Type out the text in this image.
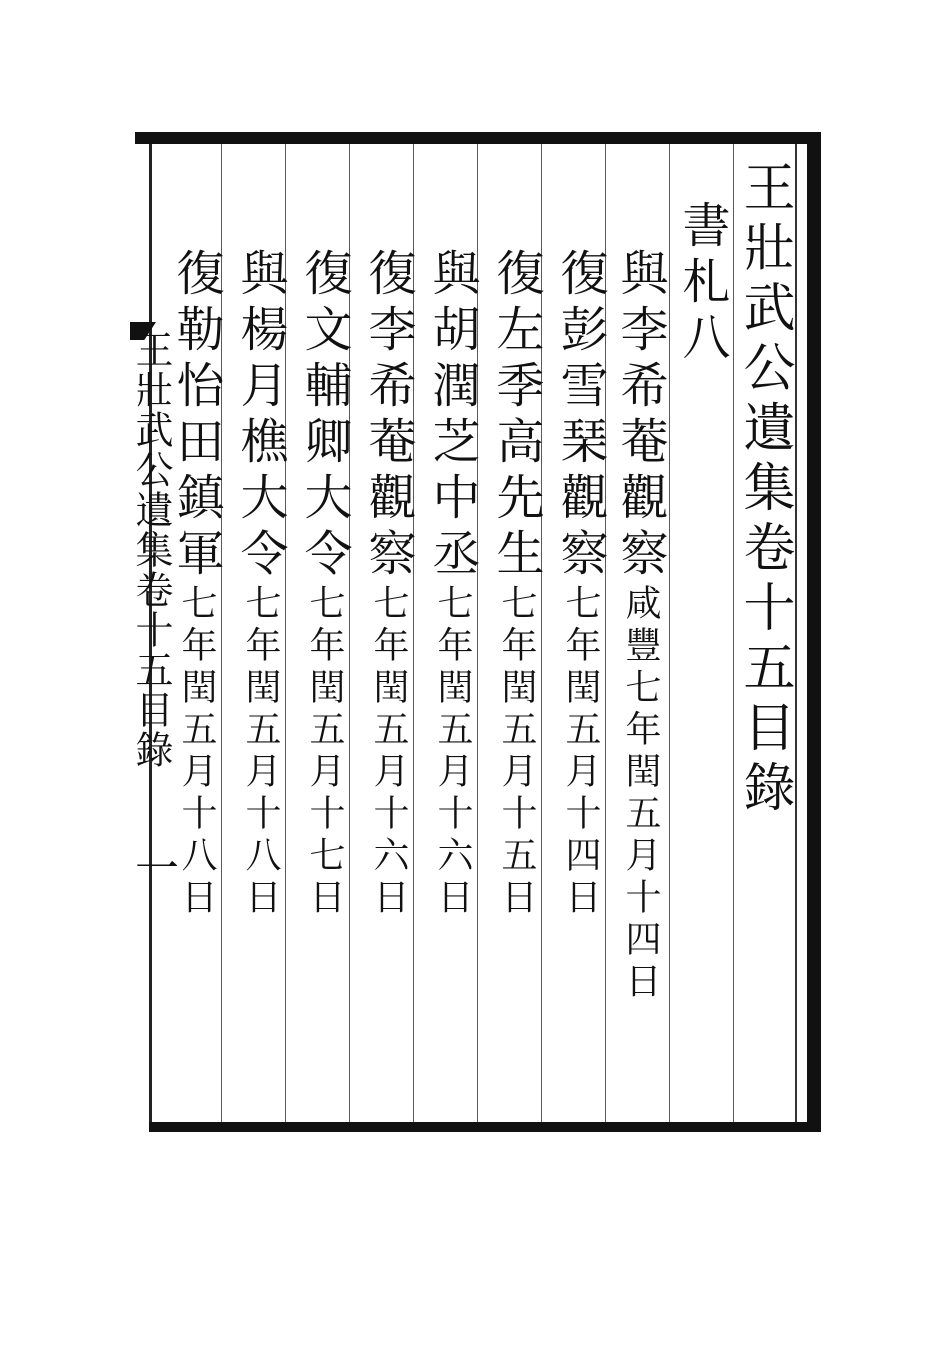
王壯武公遺集卷十五目錄
書札八
與李希菴觀察咸豐七年閏五月十四日
復彭雪琹觀察七年閏五月十四日
復左季高先生七年閏五月十五日
與胡潤芝中丞七年閏五月十六日
復李希菴觀察七年閏五月十六日
復文輔卿大令七年閏五月十七日
與楊月樵大令七年閏五月十八日
復勒怡田鎮軍七年閏五月十八日
王壯武公遺集卷十五目錄
一
